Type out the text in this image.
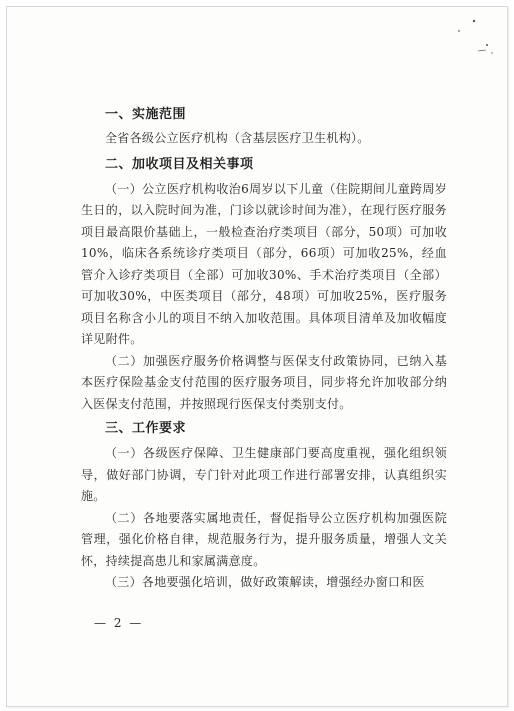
一、实施范围

全省各级公立医疗机构（含基层医疗卫生机构）。

二、加收项目及相关事项

（一）公立医疗机构收治6周岁以下儿童（住院期间儿童跨周岁生日的，以入院时间为准，门诊以就诊时间为准），在现行医疗服务项目最高限价基础上，一般检查治疗类项目（部分，50项）可加收10%，临床各系统诊疗类项目（部分，66项）可加收25%，经血管介入诊疗类项目（全部）可加收30%、手术治疗类项目（全部）可加收30%，中医类项目（部分，48项）可加收25%，医疗服务项目名称含小儿的项目不纳入加收范围。具体项目清单及加收幅度详见附件。

（二）加强医疗服务价格调整与医保支付政策协同，已纳入基本医疗保险基金支付范围的医疗服务项目，同步将允许加收部分纳入医保支付范围，并按照现行医保支付类别支付。

三、工作要求

（一）各级医疗保障、卫生健康部门要高度重视，强化组织领导，做好部门协调，专门针对此项工作进行部署安排，认真组织实施。

（二）各地要落实属地责任，督促指导公立医疗机构加强医院管理，强化价格自律，规范服务行为，提升服务质量，增强人文关怀，持续提高患儿和家属满意度。

（三）各地要强化培训，做好政策解读，增强经办窗口和医

— 2 —
